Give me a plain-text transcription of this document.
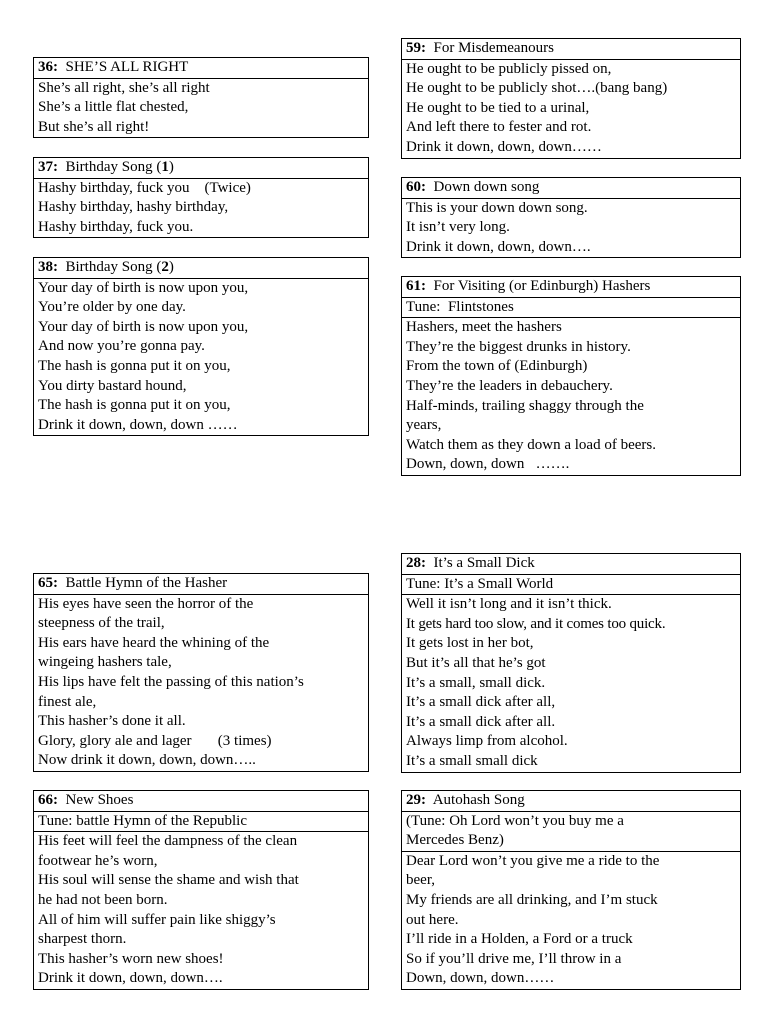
36: SHE’S ALL RIGHT
She’s all right, she’s all right
She’s a little flat chested,
But she’s all right!
37: Birthday Song (1)
Hashy birthday, fuck you    (Twice)
Hashy birthday, hashy birthday,
Hashy birthday, fuck you.
38: Birthday Song (2)
Your day of birth is now upon you,
You’re older by one day.
Your day of birth is now upon you,
And now you’re gonna pay.
The hash is gonna put it on you,
You dirty bastard hound,
The hash is gonna put it on you,
Drink it down, down, down ……
59: For Misdemeanours
He ought to be publicly pissed on,
He ought to be publicly shot….(bang bang)
He ought to be tied to a urinal,
And left there to fester and rot.
Drink it down, down, down……
60: Down down song
This is your down down song.
It isn’t very long.
Drink it down, down, down….
61: For Visiting (or Edinburgh) Hashers
Tune:  Flintstones
Hashers, meet the hashers
They’re the biggest drunks in history.
From the town of (Edinburgh)
They’re the leaders in debauchery.
Half-minds, trailing shaggy through the
years,
Watch them as they down a load of beers.
Down, down, down   …….
65: Battle Hymn of the Hasher
His eyes have seen the horror of the
steepness of the trail,
His ears have heard the whining of the
wingeing hashers tale,
His lips have felt the passing of this nation’s
finest ale,
This hasher’s done it all.
Glory, glory ale and lager       (3 times)
Now drink it down, down, down…..
66: New Shoes
Tune: battle Hymn of the Republic
His feet will feel the dampness of the clean
footwear he’s worn,
His soul will sense the shame and wish that
he had not been born.
All of him will suffer pain like shiggy’s
sharpest thorn.
This hasher’s worn new shoes!
Drink it down, down, down….
28: It’s a Small Dick
Tune: It’s a Small World
Well it isn’t long and it isn’t thick.
It gets hard too slow, and it comes too quick.
It gets lost in her bot,
But it’s all that he’s got
It’s a small, small dick.
It’s a small dick after all,
It’s a small dick after all.
Always limp from alcohol.
It’s a small small dick
29: Autohash Song
(Tune: Oh Lord won’t you buy me a
Mercedes Benz)
Dear Lord won’t you give me a ride to the
beer,
My friends are all drinking, and I’m stuck
out here.
I’ll ride in a Holden, a Ford or a truck
So if you’ll drive me, I’ll throw in a
Down, down, down……
